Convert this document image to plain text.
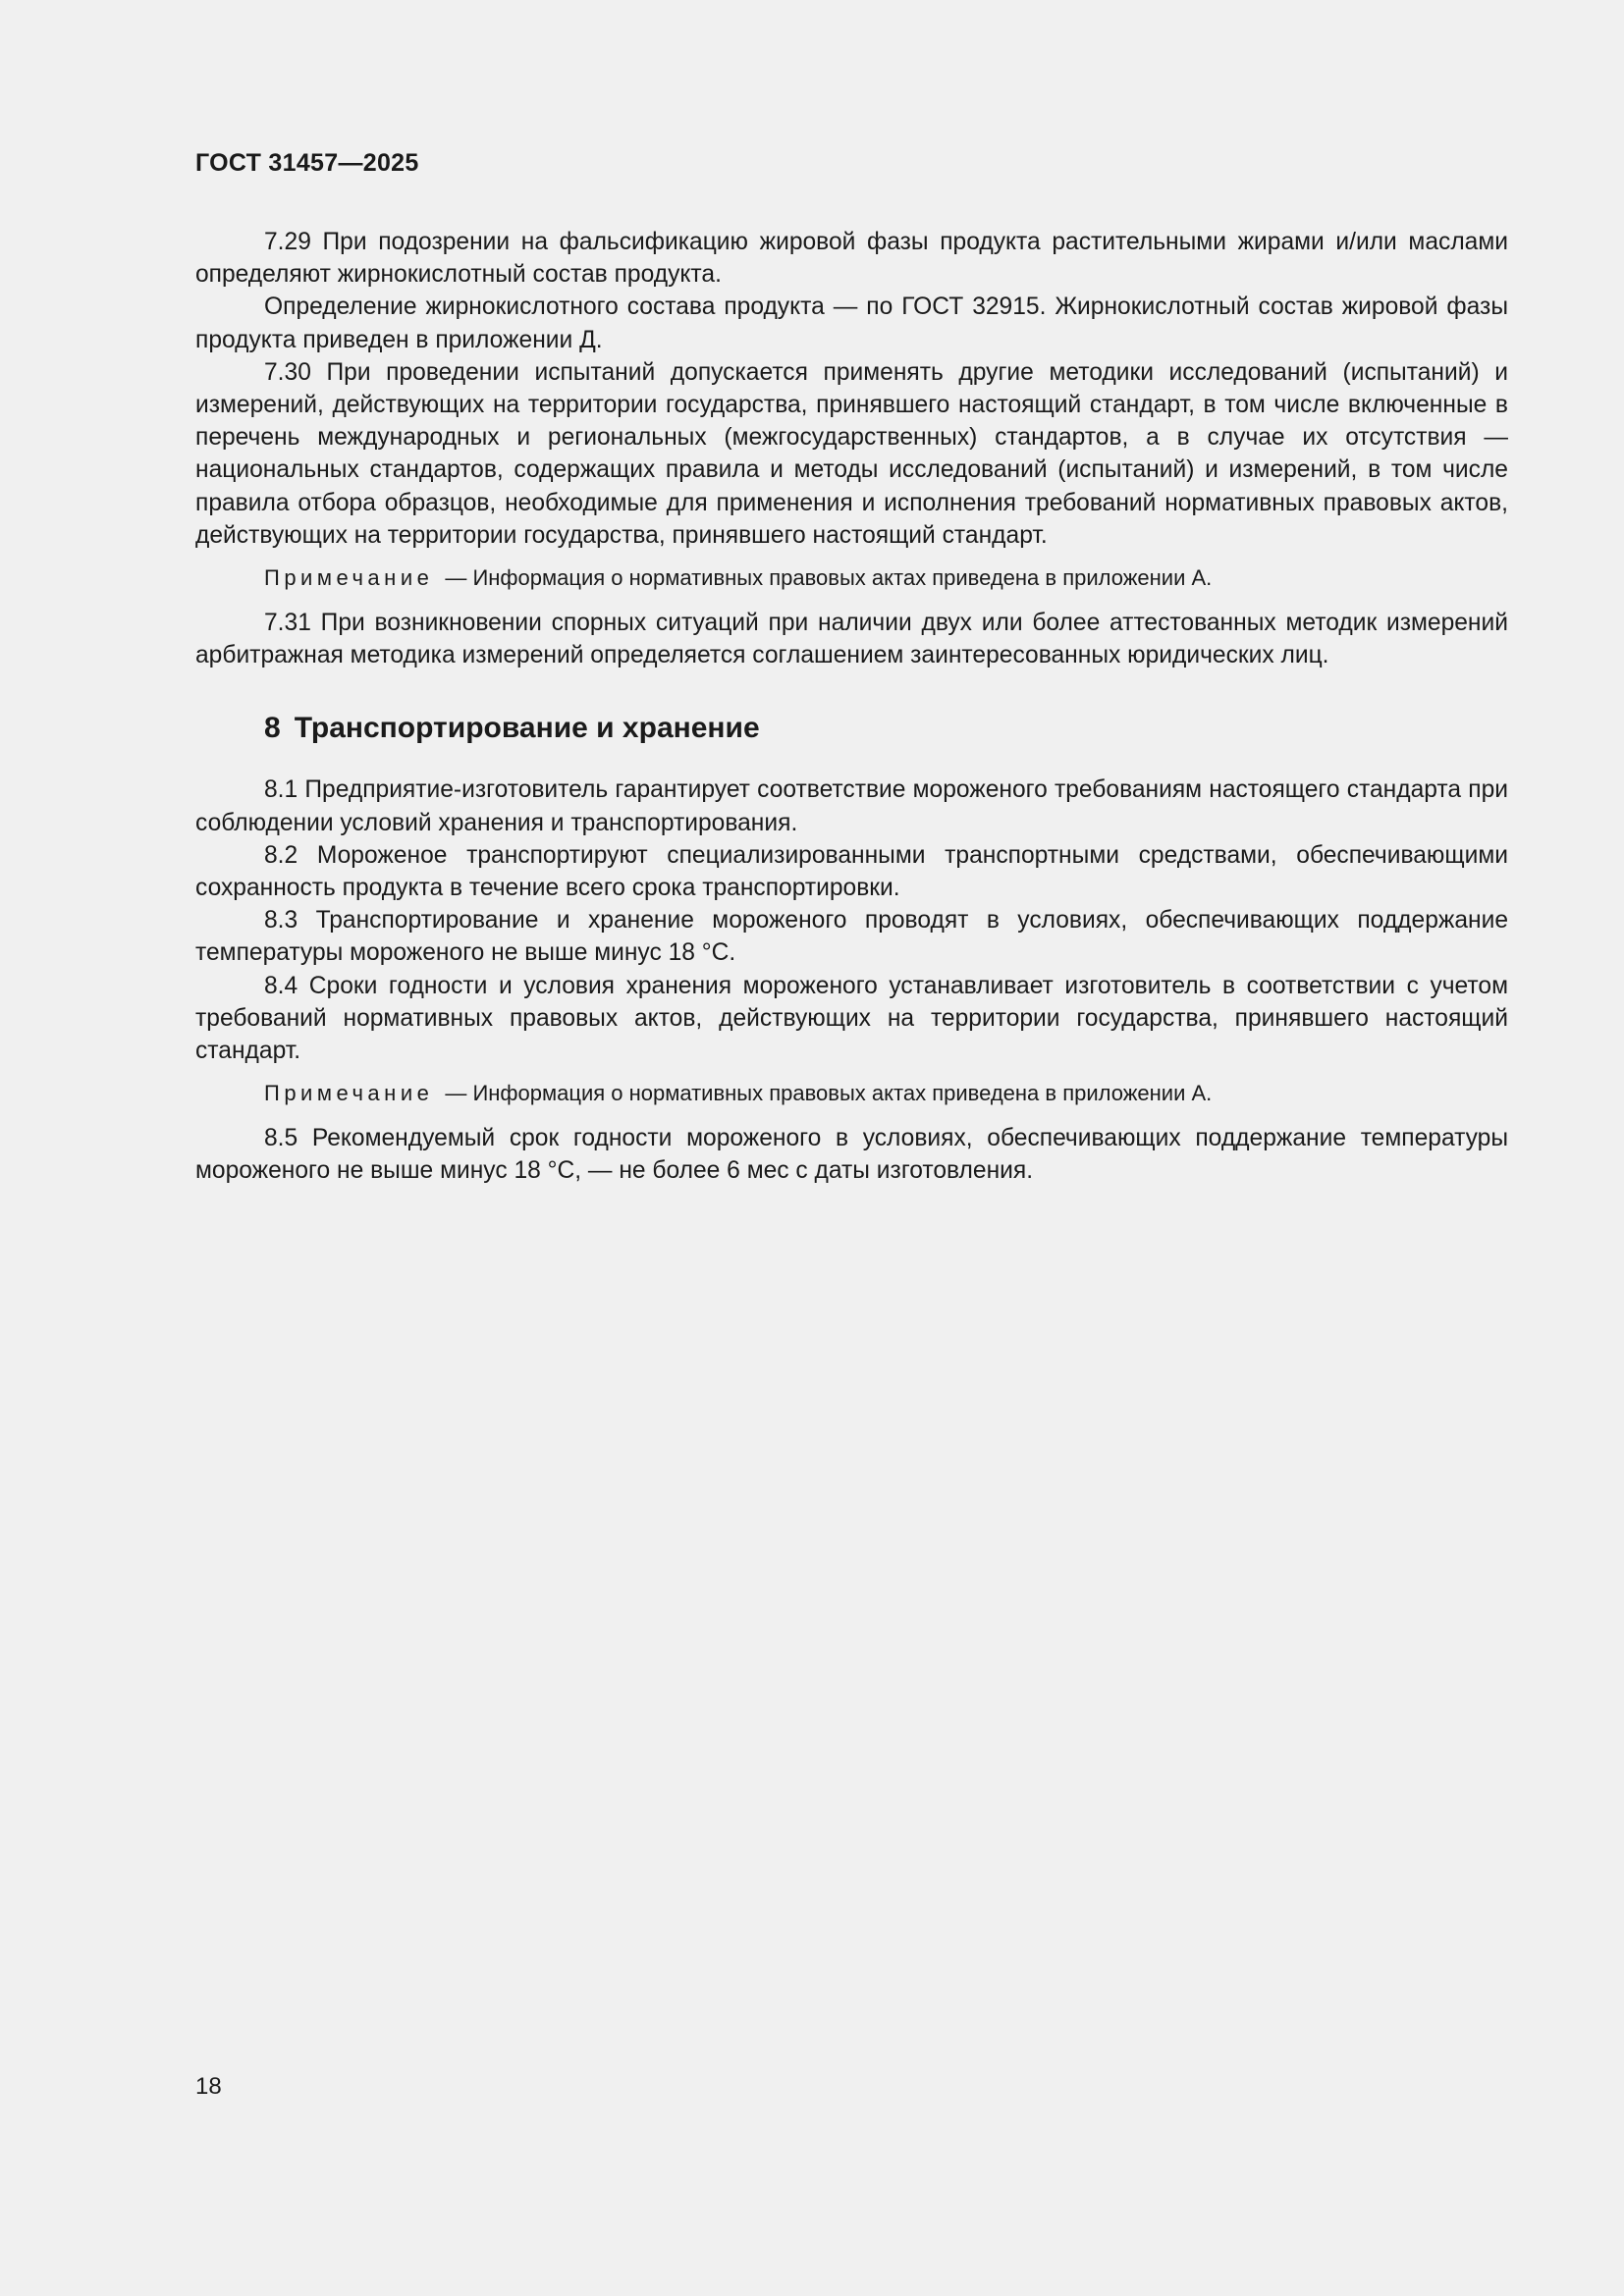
ГОСТ 31457—2025

7.29 При подозрении на фальсификацию жировой фазы продукта растительными жирами и/или маслами определяют жирнокислотный состав продукта.

Определение жирнокислотного состава продукта — по ГОСТ 32915. Жирнокислотный состав жировой фазы продукта приведен в приложении Д.

7.30 При проведении испытаний допускается применять другие методики исследований (испытаний) и измерений, действующих на территории государства, принявшего настоящий стандарт, в том числе включенные в перечень международных и региональных (межгосударственных) стандартов, а в случае их отсутствия — национальных стандартов, содержащих правила и методы исследований (испытаний) и измерений, в том числе правила отбора образцов, необходимые для применения и исполнения требований нормативных правовых актов, действующих на территории государства, принявшего настоящий стандарт.

Примечание — Информация о нормативных правовых актах приведена в приложении А.

7.31 При возникновении спорных ситуаций при наличии двух или более аттестованных методик измерений арбитражная методика измерений определяется соглашением заинтересованных юридических лиц.

8 Транспортирование и хранение

8.1 Предприятие-изготовитель гарантирует соответствие мороженого требованиям настоящего стандарта при соблюдении условий хранения и транспортирования.

8.2 Мороженое транспортируют специализированными транспортными средствами, обеспечивающими сохранность продукта в течение всего срока транспортировки.

8.3 Транспортирование и хранение мороженого проводят в условиях, обеспечивающих поддержание температуры мороженого не выше минус 18 °С.

8.4 Сроки годности и условия хранения мороженого устанавливает изготовитель в соответствии с учетом требований нормативных правовых актов, действующих на территории государства, принявшего настоящий стандарт.

Примечание — Информация о нормативных правовых актах приведена в приложении А.

8.5 Рекомендуемый срок годности мороженого в условиях, обеспечивающих поддержание температуры мороженого не выше минус 18 °С, — не более 6 мес с даты изготовления.

18
